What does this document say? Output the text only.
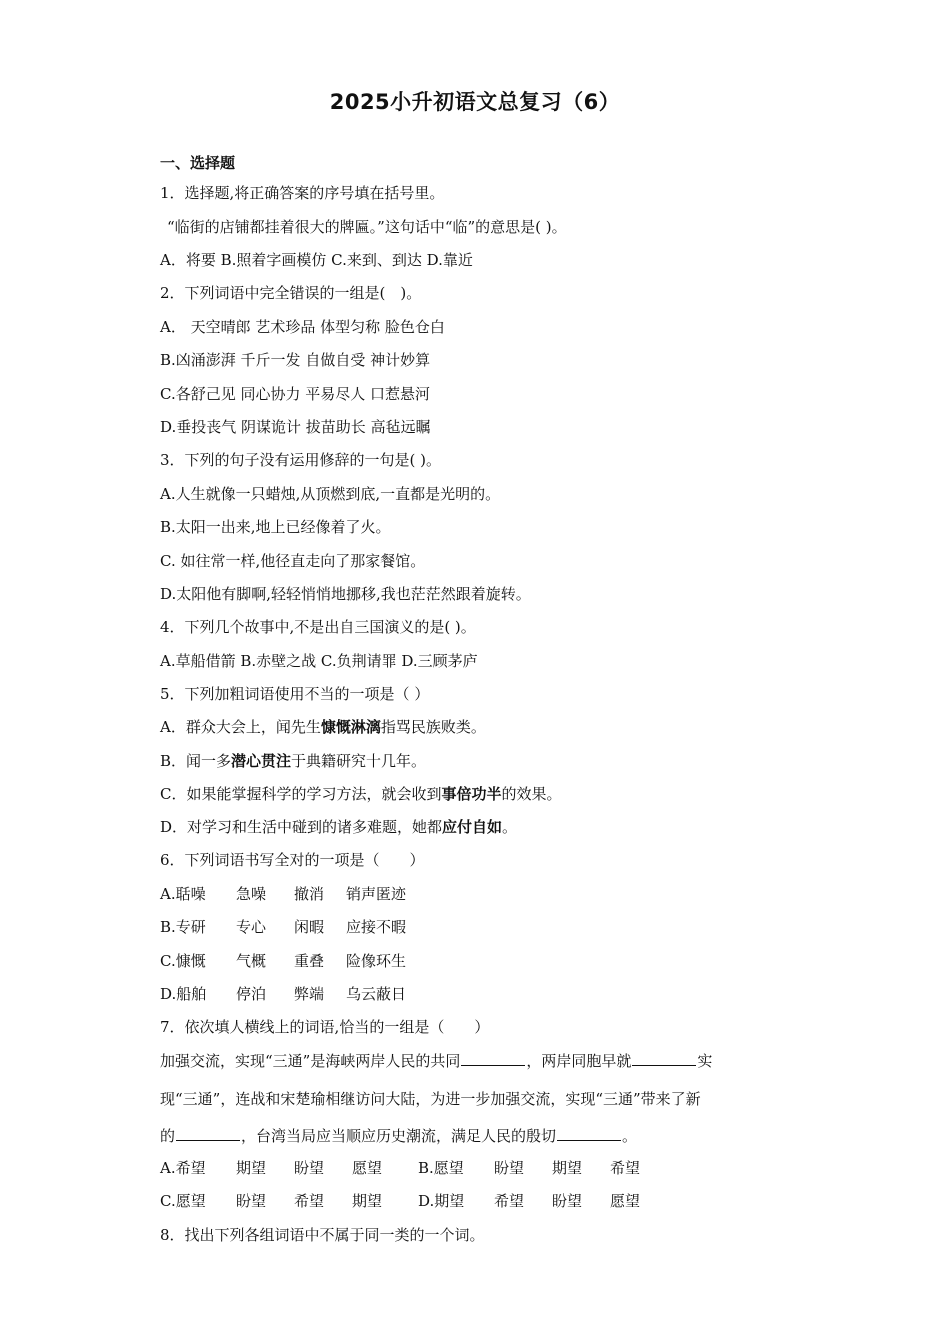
2025小升初语文总复习（6）
一、选择题
1．选择题,将正确答案的序号填在括号里。
“临街的店铺都挂着很大的牌匾。”这句话中“临”的意思是( )。
A．将要 B.照着字画模仿 C.来到、到达 D.靠近
2．下列词语中完全错误的一组是(　)。
A． 天空晴郎 艺术珍品 体型匀称 脸色仓白
B.凶涌澎湃 千斤一发 自做自受 神计妙算
C.各舒己见 同心协力 平易尽人 口惹悬河
D.垂投丧气 阴谋诡计 拔苗助长 高毡远瞩
3．下列的句子没有运用修辞的一句是( )。
A.人生就像一只蜡烛,从顶燃到底,一直都是光明的。
B.太阳一出来,地上已经像着了火。
C. 如往常一样,他径直走向了那家餐馆。
D.太阳他有脚啊,轻轻悄悄地挪移,我也茫茫然跟着旋转。
4．下列几个故事中,不是出自三国演义的是( )。
A.草船借箭 B.赤壁之战 C.负荆请罪 D.三顾茅庐
5．下列加粗词语使用不当的一项是（ ）
A．群众大会上，闻先生慷慨淋漓指骂民族败类。
B．闻一多潜心贯注于典籍研究十几年。
C．如果能掌握科学的学习方法，就会收到事倍功半的效果。
D．对学习和生活中碰到的诸多难题，她都应付自如。
6．下列词语书写全对的一项是（　　）
A.聒噪 急噪 撤消 销声匿迹
B.专研 专心 闲暇 应接不暇
C.慷慨 气概 重叠 险像环生
D.船舶 停泊 弊端 乌云蔽日
7．依次填人横线上的词语,恰当的一组是（　　）
加强交流，实现“三通”是海峡两岸人民的共同	，两岸同胞早就	实
现“三通”，连战和宋楚瑜相继访问大陆，为进一步加强交流，实现“三通”带来了新
的	，台湾当局应当顺应历史潮流，满足人民的殷切	。
A.希望 期望 盼望 愿望 B.愿望 盼望 期望 希望
C.愿望 盼望 希望 期望 D.期望 希望 盼望 愿望
8．找出下列各组词语中不属于同一类的一个词。
